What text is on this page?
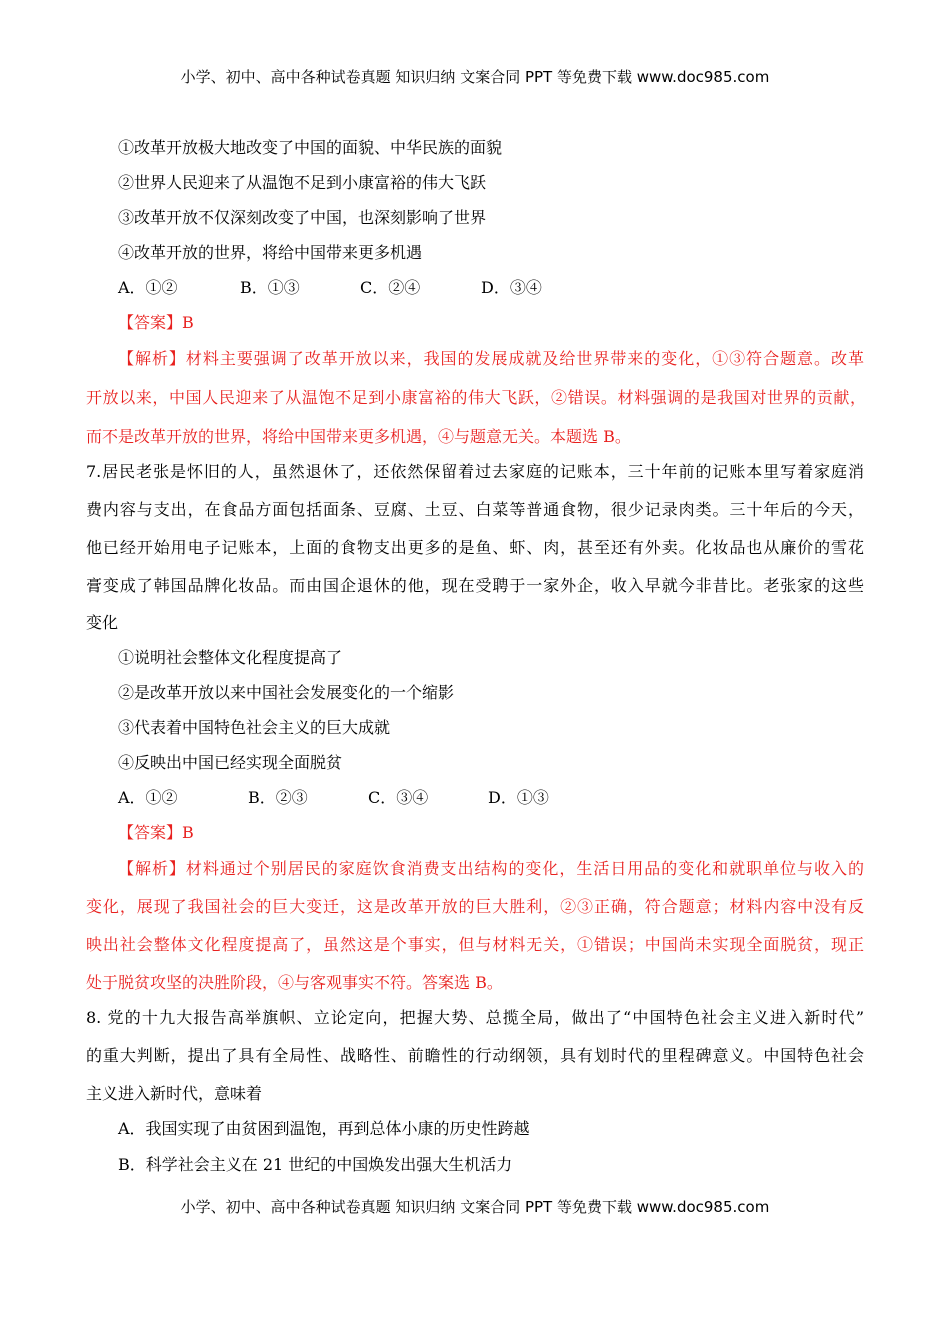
小学、初中、高中各种试卷真题 知识归纳 文案合同 PPT 等免费下载 www.doc985.com
①改革开放极大地改变了中国的面貌、中华民族的面貌
②世界人民迎来了从温饱不足到小康富裕的伟大飞跃
③改革开放不仅深刻改变了中国，也深刻影响了世界
④改革开放的世界，将给中国带来更多机遇
A．①②	B．①③	C．②④	D．③④
【答案】B
【解析】材料主要强调了改革开放以来，我国的发展成就及给世界带来的变化，①③符合题意。改革
开放以来，中国人民迎来了从温饱不足到小康富裕的伟大飞跃，②错误。材料强调的是我国对世界的贡献，
而不是改革开放的世界，将给中国带来更多机遇，④与题意无关。本题选 B。
7.居民老张是怀旧的人，虽然退休了，还依然保留着过去家庭的记账本，三十年前的记账本里写着家庭消
费内容与支出，在食品方面包括面条、豆腐、土豆、白菜等普通食物，很少记录肉类。三十年后的今天，
他已经开始用电子记账本，上面的食物支出更多的是鱼、虾、肉，甚至还有外卖。化妆品也从廉价的雪花
膏变成了韩国品牌化妆品。而由国企退休的他，现在受聘于一家外企，收入早就今非昔比。老张家的这些
变化
①说明社会整体文化程度提高了
②是改革开放以来中国社会发展变化的一个缩影
③代表着中国特色社会主义的巨大成就
④反映出中国已经实现全面脱贫
A．①②	B．②③	C．③④	D．①③
【答案】B
【解析】材料通过个别居民的家庭饮食消费支出结构的变化，生活日用品的变化和就职单位与收入的
变化，展现了我国社会的巨大变迁，这是改革开放的巨大胜利，②③正确，符合题意；材料内容中没有反
映出社会整体文化程度提高了，虽然这是个事实，但与材料无关，①错误；中国尚未实现全面脱贫，现正
处于脱贫攻坚的决胜阶段，④与客观事实不符。答案选 B。
8. 党的十九大报告高举旗帜、立论定向，把握大势、总揽全局，做出了“中国特色社会主义进入新时代”
的重大判断，提出了具有全局性、战略性、前瞻性的行动纲领，具有划时代的里程碑意义。中国特色社会
主义进入新时代，意味着
A．我国实现了由贫困到温饱，再到总体小康的历史性跨越
B．科学社会主义在 21 世纪的中国焕发出强大生机活力
小学、初中、高中各种试卷真题 知识归纳 文案合同 PPT 等免费下载 www.doc985.com
